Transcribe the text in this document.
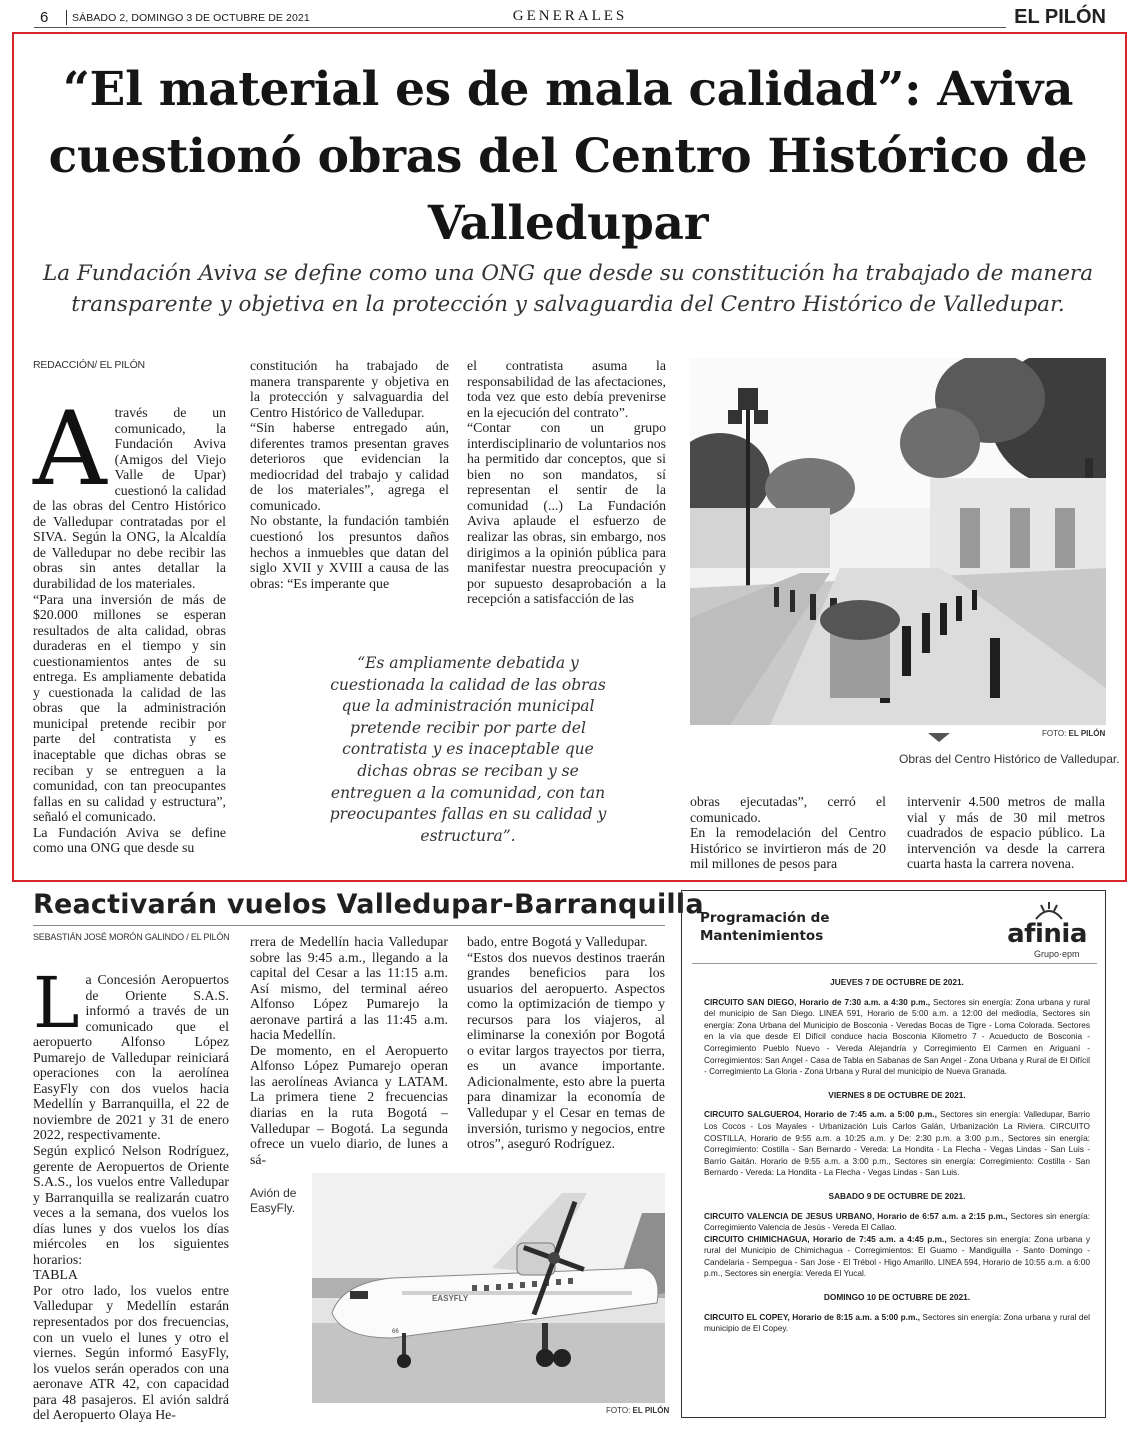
6 SÁBADO 2, DOMINGO 3 DE OCTUBRE DE 2021	GENERALES	EL PILÓN
“El material es de mala calidad”: Aviva cuestionó obras del Centro Histórico de Valledupar

La Fundación Aviva se define como una ONG que desde su constitución ha trabajado de manera transparente y objetiva en la protección y salvaguardia del Centro Histórico de Valledupar.

REDACCIÓN/ EL PILÓN
A través de un comunicado, la Fundación Aviva (Amigos del Viejo Valle de Upar) cuestionó la calidad de las obras del Centro Histórico de Valledupar contratadas por el SIVA. Según la ONG, la Alcaldía de Valledupar no debe recibir las obras sin antes detallar la durabilidad de los materiales.
“Para una inversión de más de $20.000 millones se esperan resultados de alta calidad, obras duraderas en el tiempo y sin cuestionamientos antes de su entrega. Es ampliamente debatida y cuestionada la calidad de las obras que la administración municipal pretende recibir por parte del contratista y es inaceptable que dichas obras se reciban y se entreguen a la comunidad, con tan preocupantes fallas en su calidad y estructura”, señaló el comunicado.
La Fundación Aviva se define como una ONG que desde su
constitución ha trabajado de manera transparente y objetiva en la protección y salvaguardia del Centro Histórico de Valledupar.
“Sin haberse entregado aún, diferentes tramos presentan graves deterioros que evidencian la mediocridad del trabajo y calidad de los materiales”, agrega el comunicado.
No obstante, la fundación también cuestionó los presuntos daños hechos a inmuebles que datan del siglo XVII y XVIII a causa de las obras: “Es imperante que
el contratista asuma la responsabilidad de las afectaciones, toda vez que esto debía prevenirse en la ejecución del contrato”.
“Contar con un grupo interdisciplinario de voluntarios nos ha permitido dar conceptos, que si bien no son mandatos, sí representan el sentir de la comunidad (...) La Fundación Aviva aplaude el esfuerzo de realizar las obras, sin embargo, nos dirigimos a la opinión pública para manifestar nuestra preocupación y por supuesto desaprobación a la recepción a satisfacción de las
“Es ampliamente debatida y cuestionada la calidad de las obras que la administración municipal pretende recibir por parte del contratista y es inaceptable que dichas obras se reciban y se entreguen a la comunidad, con tan preocupantes fallas en su calidad y estructura”.
FOTO: EL PILÓN
Obras del Centro Histórico de Valledupar.
obras ejecutadas”, cerró el comunicado.
En la remodelación del Centro Histórico se invirtieron más de 20 mil millones de pesos para
intervenir 4.500 metros de malla vial y más de 30 mil metros cuadrados de espacio público. La intervención va desde la carrera cuarta hasta la carrera novena.
Reactivarán vuelos Valledupar-Barranquilla
SEBASTIÁN JOSÉ MORÓN GALINDO / EL PILÓN
L a Concesión Aeropuertos de Oriente S.A.S. informó a través de un comunicado que el aeropuerto Alfonso López Pumarejo de Valledupar reiniciará operaciones con la aerolínea EasyFly con dos vuelos hacia Medellín y Barranquilla, el 22 de noviembre de 2021 y 31 de enero 2022, respectivamente.
Según explicó Nelson Rodríguez, gerente de Aeropuertos de Oriente S.A.S., los vuelos entre Valledupar y Barranquilla se realizarán cuatro veces a la semana, dos vuelos los días lunes y dos vuelos los días miércoles en los siguientes horarios:
TABLA
Por otro lado, los vuelos entre Valledupar y Medellín estarán representados por dos frecuencias, con un vuelo el lunes y otro el viernes. Según informó EasyFly, los vuelos serán operados con una aeronave ATR 42, con capacidad para 48 pasajeros. El avión saldrá del Aeropuerto Olaya He-
rrera de Medellín hacia Valledupar sobre las 9:45 a.m., llegando a la capital del Cesar a las 11:15 a.m. Así mismo, del terminal aéreo Alfonso López Pumarejo la aeronave partirá a las 11:45 a.m. hacia Medellín.
De momento, en el Aeropuerto Alfonso López Pumarejo operan las aerolíneas Avianca y LATAM. La primera tiene 2 frecuencias diarias en la ruta Bogotá – Valledupar – Bogotá. La segunda ofrece un vuelo diario, de lunes a sá-
bado, entre Bogotá y Valledupar.
“Estos dos nuevos destinos traerán grandes beneficios para los usuarios del aeropuerto. Aspectos como la optimización de tiempo y recursos para los viajeros, al eliminarse la conexión por Bogotá o evitar largos trayectos por tierra, es un avance importante. Adicionalmente, esto abre la puerta para dinamizar la economía de Valledupar y el Cesar en temas de inversión, turismo y negocios, entre otros”, aseguró Rodríguez.
Avión de EasyFly.
EASYFLY
66
FOTO: EL PILÓN
Programación de Mantenimientos	afinia
Grupo·epm
JUEVES 7 DE OCTUBRE DE 2021.
CIRCUITO SAN DIEGO, Horario de 7:30 a.m. a 4:30 p.m., Sectores sin energía: Zona urbana y rural del municipio de San Diego. LINEA 591, Horario de 5:00 a.m. a 12:00 del mediodía, Sectores sin energía: Zona Urbana del Municipio de Bosconia - Veredas Bocas de Tigre - Loma Colorada. Sectores en la vía que desde El Difícil conduce hacia Bosconia Kilometro 7 - Acueducto de Bosconia -Corregimiento Pueblo Nuevo - Vereda Alejandría y Corregimiento El Carmen en Ariguaní -Corregimientos: San Angel - Casa de Tabla en Sabanas de San Angel - Zona Urbana y Rural de El Difícil - Corregimiento La Gloria - Zona Urbana y Rural del municipio de Nueva Granada.
VIERNES 8 DE OCTUBRE DE 2021.
CIRCUITO SALGUERO4, Horario de 7:45 a.m. a 5:00 p.m., Sectores sin energía: Valledupar, Barrio Los Cocos - Los Mayales - Urbanización Luis Carlos Galán, Urbanización La Riviera. CIRCUITO COSTILLA, Horario de 9:55 a.m. a 10:25 a.m. y De: 2:30 p.m. a 3:00 p.m., Sectores sin energía: Corregimiento: Costilla - San Bernardo - Vereda: La Hondita - La Flecha - Vegas Lindas - San Luis - Barrio Gaitán. Horario de 9:55 a.m. a 3:00 p.m., Sectores sin energía: Corregimiento: Costilla - San Bernardo - Vereda: La Hondita - La Flecha - Vegas Lindas - San Luis.
SABADO 9 DE OCTUBRE DE 2021.
CIRCUITO VALENCIA DE JESUS URBANO, Horario de 6:57 a.m. a 2:15 p.m., Sectores sin energía: Corregimiento Valencia de Jesús - Vereda El Callao.
CIRCUITO CHIMICHAGUA, Horario de 7:45 a.m. a 4:45 p.m., Sectores sin energía: Zona urbana y rural del Municipio de Chimichagua - Corregimientos: El Guamo - Mandiguilla - Santo Domingo - Candelaria - Sempegua - San Jose - El Trébol - Higo Amarillo. LINEA 594, Horario de 10:55 a.m. a 6:00 p.m., Sectores sin energía: Vereda El Yucal.
DOMINGO 10 DE OCTUBRE DE 2021.
CIRCUITO EL COPEY, Horario de 8:15 a.m. a 5:00 p.m., Sectores sin energía: Zona urbana y rural del municipio de El Copey.
